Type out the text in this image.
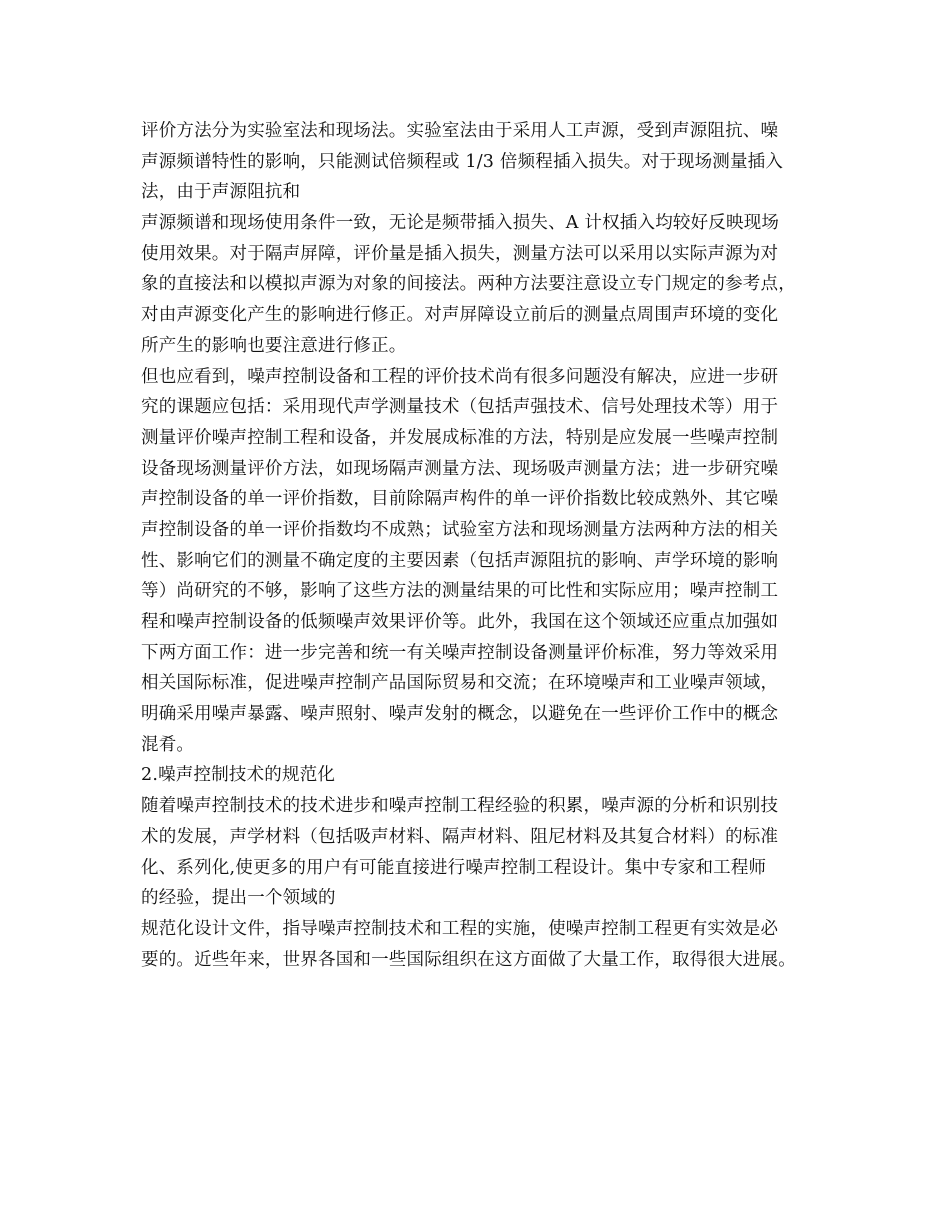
评价方法分为实验室法和现场法。实验室法由于采用人工声源，受到声源阻抗、噪
声源频谱特性的影响，只能测试倍频程或 1/3 倍频程插入损失。对于现场测量插入
法，由于声源阻抗和
声源频谱和现场使用条件一致，无论是频带插入损失、A 计权插入均较好反映现场
使用效果。对于隔声屏障，评价量是插入损失，测量方法可以采用以实际声源为对
象的直接法和以模拟声源为对象的间接法。两种方法要注意设立专门规定的参考点，
对由声源变化产生的影响进行修正。对声屏障设立前后的测量点周围声环境的变化
所产生的影响也要注意进行修正。
但也应看到，噪声控制设备和工程的评价技术尚有很多问题没有解决，应进一步研
究的课题应包括：采用现代声学测量技术（包括声强技术、信号处理技术等）用于
测量评价噪声控制工程和设备，并发展成标准的方法，特别是应发展一些噪声控制
设备现场测量评价方法，如现场隔声测量方法、现场吸声测量方法；进一步研究噪
声控制设备的单一评价指数，目前除隔声构件的单一评价指数比较成熟外、其它噪
声控制设备的单一评价指数均不成熟；试验室方法和现场测量方法两种方法的相关
性、影响它们的测量不确定度的主要因素（包括声源阻抗的影响、声学环境的影响
等）尚研究的不够，影响了这些方法的测量结果的可比性和实际应用；噪声控制工
程和噪声控制设备的低频噪声效果评价等。此外，我国在这个领域还应重点加强如
下两方面工作：进一步完善和统一有关噪声控制设备测量评价标准，努力等效采用
相关国际标准，促进噪声控制产品国际贸易和交流；在环境噪声和工业噪声领域，
明确采用噪声暴露、噪声照射、噪声发射的概念，以避免在一些评价工作中的概念
混肴。
2.噪声控制技术的规范化
随着噪声控制技术的技术进步和噪声控制工程经验的积累，噪声源的分析和识别技
术的发展，声学材料（包括吸声材料、隔声材料、阻尼材料及其复合材料）的标准
化、系列化,使更多的用户有可能直接进行噪声控制工程设计。集中专家和工程师
的经验，提出一个领域的
规范化设计文件，指导噪声控制技术和工程的实施，使噪声控制工程更有实效是必
要的。近些年来，世界各国和一些国际组织在这方面做了大量工作，取得很大进展。
